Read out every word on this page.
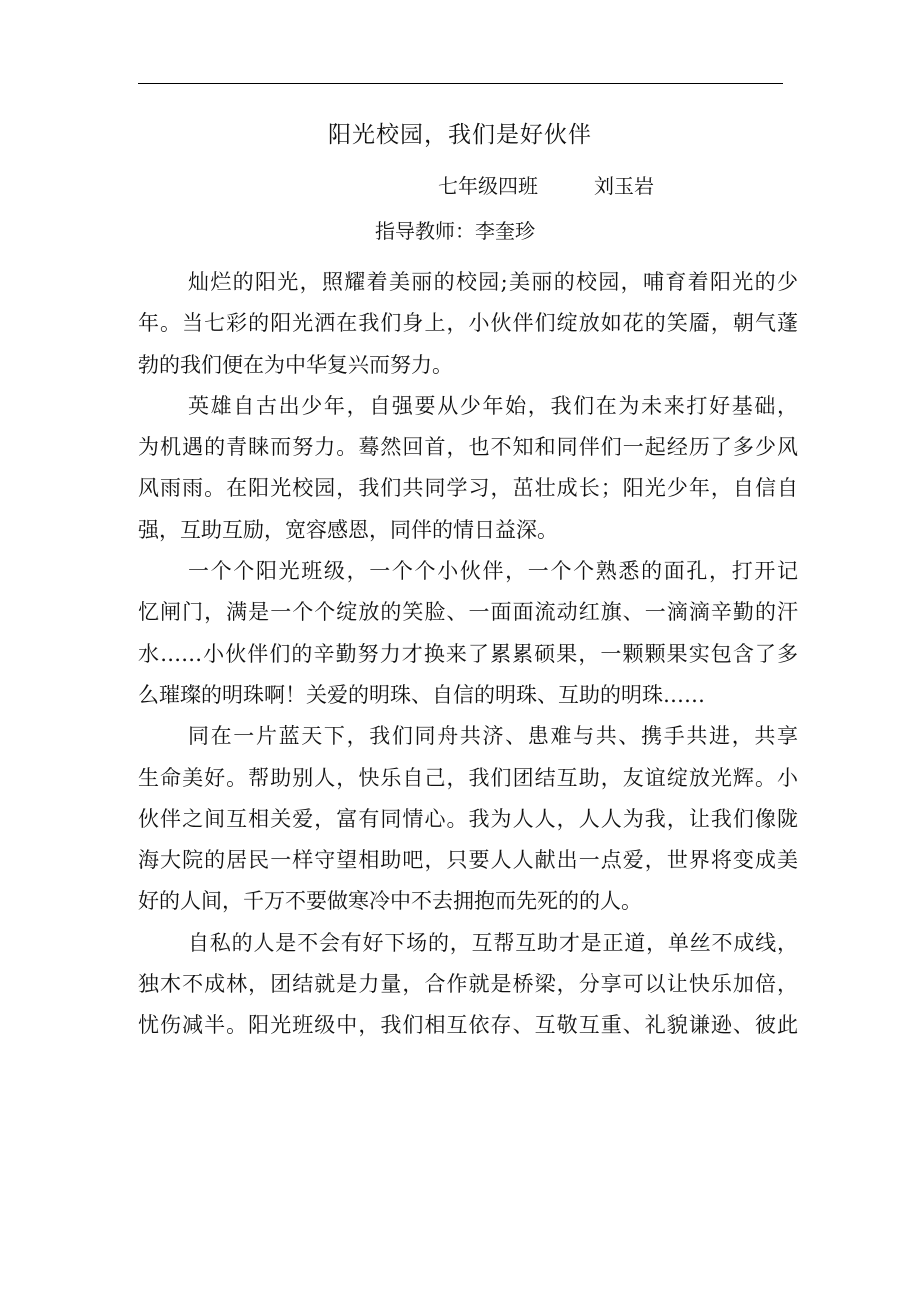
阳光校园，我们是好伙伴
七年级四班	刘玉岩
指导教师：李奎珍
灿烂的阳光，照耀着美丽的校园;美丽的校园，哺育着阳光的少
年。当七彩的阳光洒在我们身上，小伙伴们绽放如花的笑靥，朝气蓬
勃的我们便在为中华复兴而努力。
英雄自古出少年，自强要从少年始，我们在为未来打好基础，
为机遇的青睐而努力。蓦然回首，也不知和同伴们一起经历了多少风
风雨雨。在阳光校园，我们共同学习，茁壮成长；阳光少年，自信自
强，互助互励，宽容感恩，同伴的情日益深。
一个个阳光班级，一个个小伙伴，一个个熟悉的面孔，打开记
忆闸门，满是一个个绽放的笑脸、一面面流动红旗、一滴滴辛勤的汗
水……小伙伴们的辛勤努力才换来了累累硕果，一颗颗果实包含了多
么璀璨的明珠啊！关爱的明珠、自信的明珠、互助的明珠……
同在一片蓝天下，我们同舟共济、患难与共、携手共进，共享
生命美好。帮助别人，快乐自己，我们团结互助，友谊绽放光辉。小
伙伴之间互相关爱，富有同情心。我为人人，人人为我，让我们像陇
海大院的居民一样守望相助吧，只要人人献出一点爱，世界将变成美
好的人间，千万不要做寒冷中不去拥抱而先死的的人。
自私的人是不会有好下场的，互帮互助才是正道，单丝不成线，
独木不成林，团结就是力量，合作就是桥梁，分享可以让快乐加倍，
忧伤减半。阳光班级中，我们相互依存、互敬互重、礼貌谦逊、彼此
